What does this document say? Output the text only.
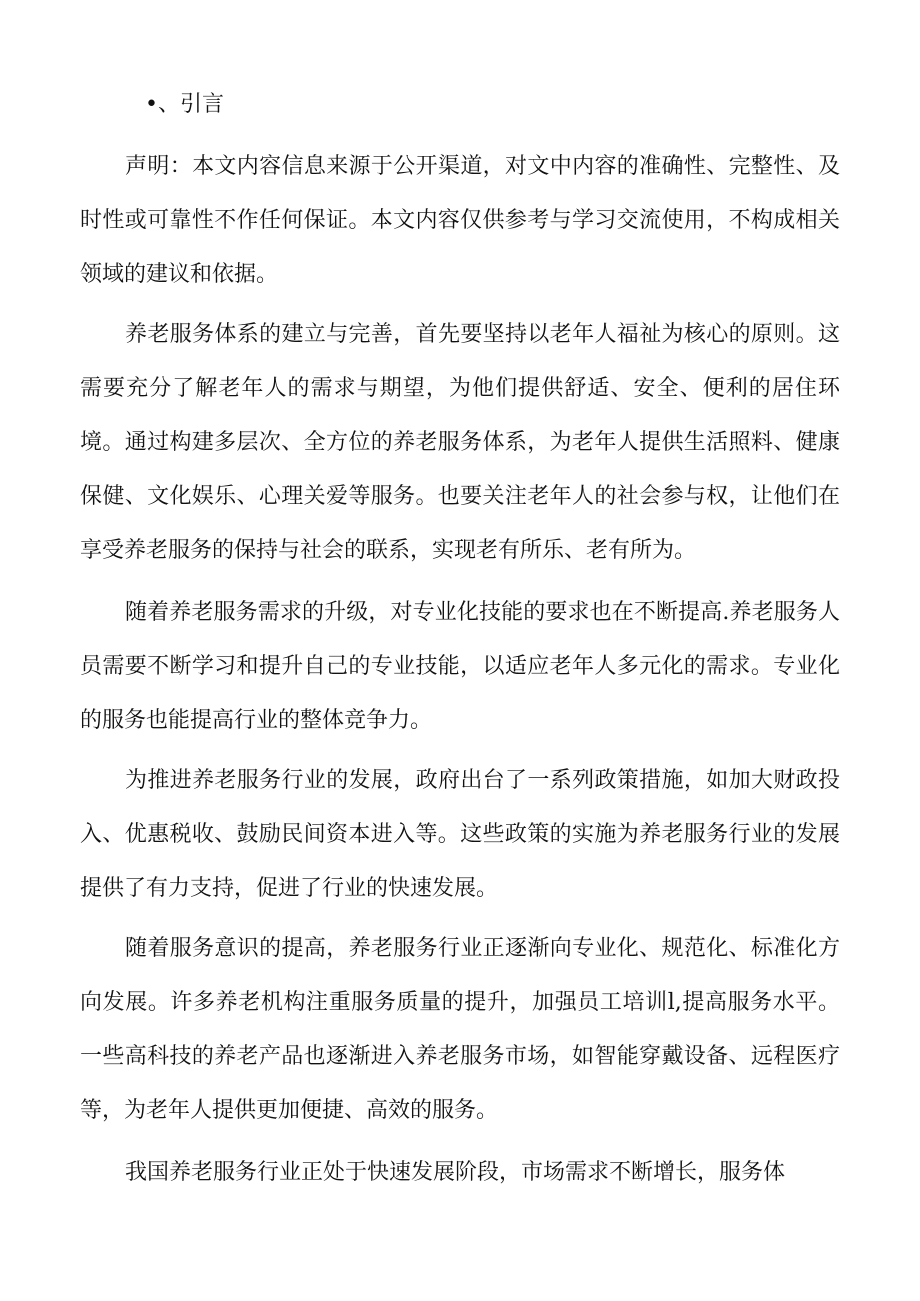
•、引言

声明：本文内容信息来源于公开渠道，对文中内容的准确性、完整性、及时性或可靠性不作任何保证。本文内容仅供参考与学习交流使用，不构成相关领域的建议和依据。

养老服务体系的建立与完善，首先要坚持以老年人福祉为核心的原则。这需要充分了解老年人的需求与期望，为他们提供舒适、安全、便利的居住环境。通过构建多层次、全方位的养老服务体系，为老年人提供生活照料、健康保健、文化娱乐、心理关爱等服务。也要关注老年人的社会参与权，让他们在享受养老服务的保持与社会的联系，实现老有所乐、老有所为。

随着养老服务需求的升级，对专业化技能的要求也在不断提高.养老服务人员需要不断学习和提升自己的专业技能，以适应老年人多元化的需求。专业化的服务也能提高行业的整体竞争力。

为推进养老服务行业的发展，政府出台了一系列政策措施，如加大财政投入、优惠税收、鼓励民间资本进入等。这些政策的实施为养老服务行业的发展提供了有力支持，促进了行业的快速发展。

随着服务意识的提高，养老服务行业正逐渐向专业化、规范化、标准化方向发展。许多养老机构注重服务质量的提升，加强员工培训l,提高服务水平。一些高科技的养老产品也逐渐进入养老服务市场，如智能穿戴设备、远程医疗等，为老年人提供更加便捷、高效的服务。

我国养老服务行业正处于快速发展阶段，市场需求不断增长，服务体
